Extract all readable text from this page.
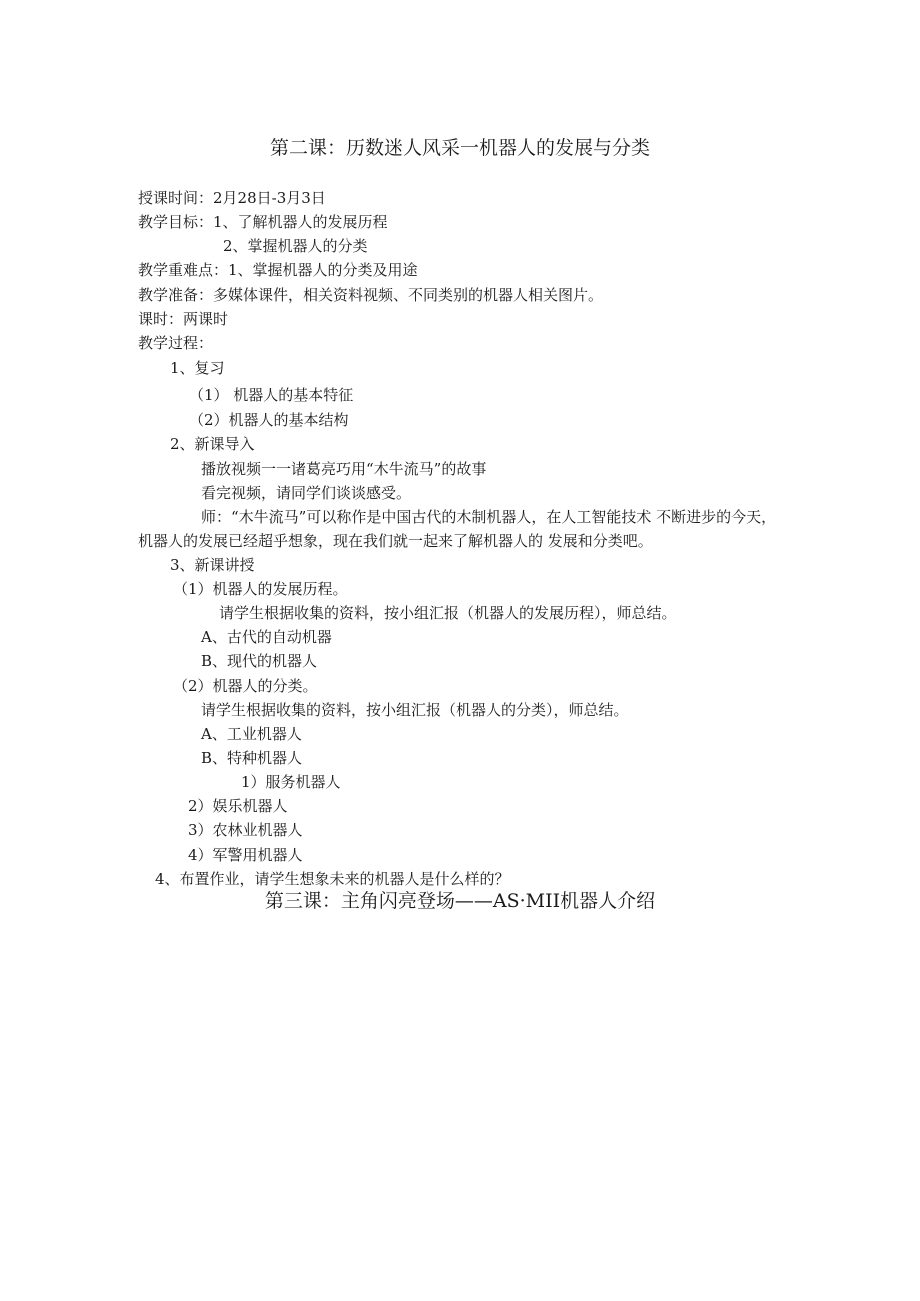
第二课：历数迷人风采一机器人的发展与分类
授课时间：2月28日-3月3日
教学目标：1、了解机器人的发展历程
2、掌握机器人的分类
教学重难点：1、掌握机器人的分类及用途
教学准备：多媒体课件，相关资料视频、不同类别的机器人相关图片。
课时：两课时
教学过程：
1、复习
（1） 机器人的基本特征
（2）机器人的基本结构
2、新课导入
播放视频一一诸葛亮巧用“木牛流马”的故事
看完视频，请同学们谈谈感受。
师：“木牛流马”可以称作是中国古代的木制机器人，在人工智能技术 不断进步的今天，
机器人的发展已经超乎想象，现在我们就一起来了解机器人的 发展和分类吧。
3、新课讲授
（1）机器人的发展历程。
请学生根据收集的资料，按小组汇报（机器人的发展历程），师总结。
A、古代的自动机器
B、现代的机器人
（2）机器人的分类。
请学生根据收集的资料，按小组汇报（机器人的分类），师总结。
A、工业机器人
B、特种机器人
1）服务机器人
2）娱乐机器人
3）农林业机器人
4）军警用机器人
4、布置作业，请学生想象未来的机器人是什么样的？
第三课：主角闪亮登场——AS·MII机器人介绍
